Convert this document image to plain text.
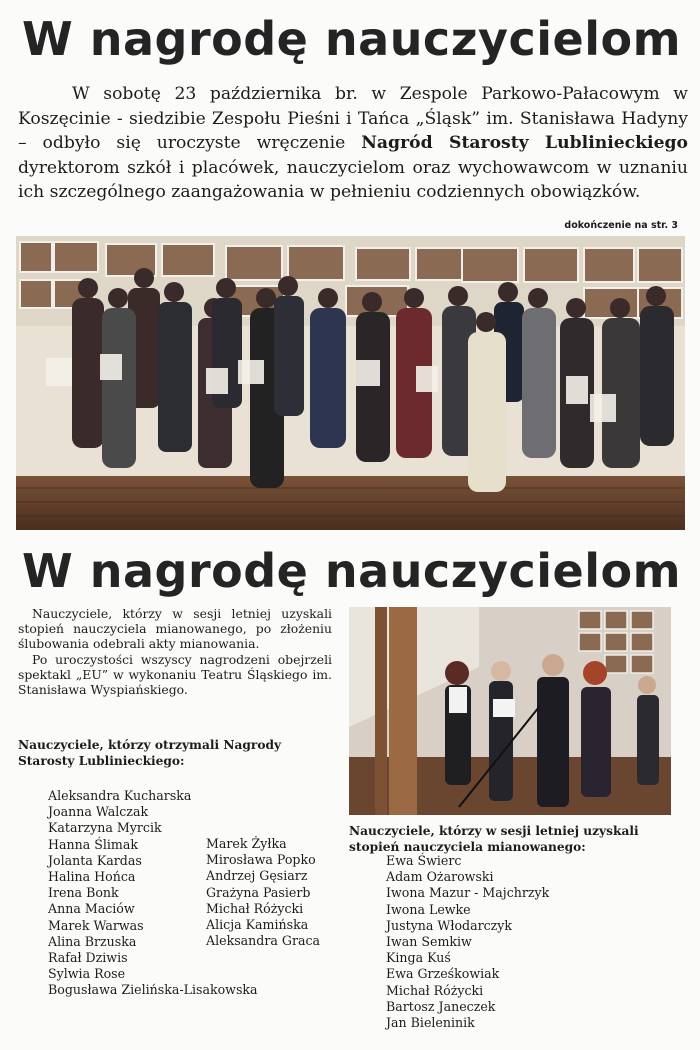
W nagrodę nauczycielom
W sobotę 23 października br. w Zespole Parkowo-Pałacowym w Koszęcinie - siedzibie Zespołu Pieśni i Tańca „Śląsk” im. Stanisława Hadyny – odbyło się uroczyste wręczenie Nagród Starosty Lublinieckiego dyrektorom szkół i placówek, nauczycielom oraz wychowawcom w uznaniu ich szczególnego zaangażowania w pełnieniu codziennych obowiązków.
dokończenie na str. 3
W nagrodę nauczycielom

Nauczyciele, którzy w sesji letniej uzyskali stopień nauczyciela mianowanego, po złożeniu ślubowania odebrali akty mianowania.

Po uroczystości wszyscy nagrodzeni obejrzeli spektakl „EU” w wykonaniu Teatru Śląskiego im. Stanisława Wyspiańskiego.

Nauczyciele, którzy otrzymali Nagrody Starosty Lublinieckiego:
Aleksandra Kucharska
Joanna Walczak
Katarzyna Myrcik
Hanna Ślimak
Jolanta Kardas
Halina Hońca
Irena Bonk
Anna Maciów
Marek Warwas
Alina Brzuska
Rafał Dziwis
Sylwia Rose
Bogusława Zielińska-Lisakowska
Marek Żyłka
Mirosława Popko
Andrzej Gęsiarz
Grażyna Pasierb
Michał Różycki
Alicja Kamińska
Aleksandra Graca
Nauczyciele, którzy w sesji letniej uzyskali stopień nauczyciela mianowanego:
Ewa Świerc
Adam Ożarowski
Iwona Mazur - Majchrzyk
Iwona Lewke
Justyna Włodarczyk
Iwan Semkiw
Kinga Kuś
Ewa Grześkowiak
Michał Różycki
Bartosz Janeczek
Jan Bieleninik
